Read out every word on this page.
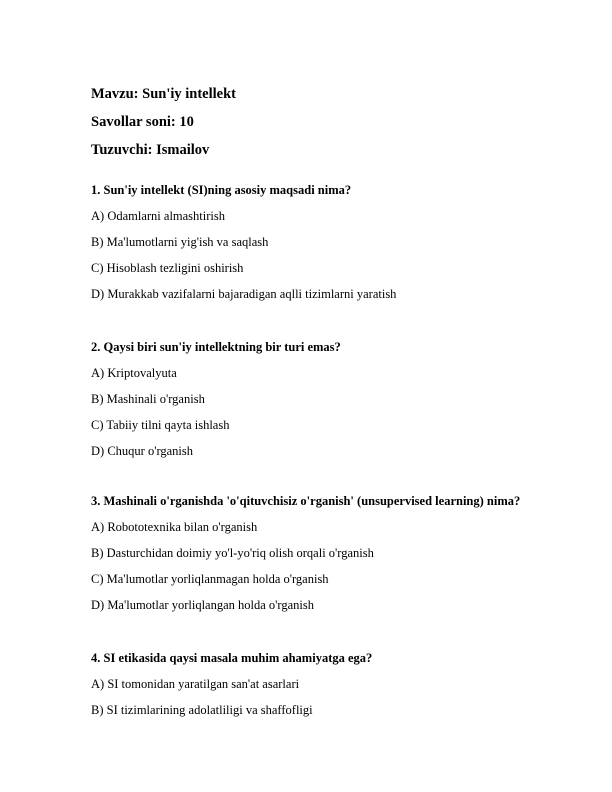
Mavzu: Sun'iy intellekt
Savollar soni: 10
Tuzuvchi: Ismailov
1. Sun'iy intellekt (SI)ning asosiy maqsadi nima?
A) Odamlarni almashtirish
B) Ma'lumotlarni yig'ish va saqlash
C) Hisoblash tezligini oshirish
D) Murakkab vazifalarni bajaradigan aqlli tizimlarni yaratish
2. Qaysi biri sun'iy intellektning bir turi emas?
A) Kriptovalyuta
B) Mashinali o'rganish
C) Tabiiy tilni qayta ishlash
D) Chuqur o'rganish
3. Mashinali o'rganishda 'o'qituvchisiz o'rganish' (unsupervised learning) nima?
A) Robototexnika bilan o'rganish
B) Dasturchidan doimiy yo'l-yo'riq olish orqali o'rganish
C) Ma'lumotlar yorliqlanmagan holda o'rganish
D) Ma'lumotlar yorliqlangan holda o'rganish
4. SI etikasida qaysi masala muhim ahamiyatga ega?
A) SI tomonidan yaratilgan san'at asarlari
B) SI tizimlarining adolatliligi va shaffofligi
